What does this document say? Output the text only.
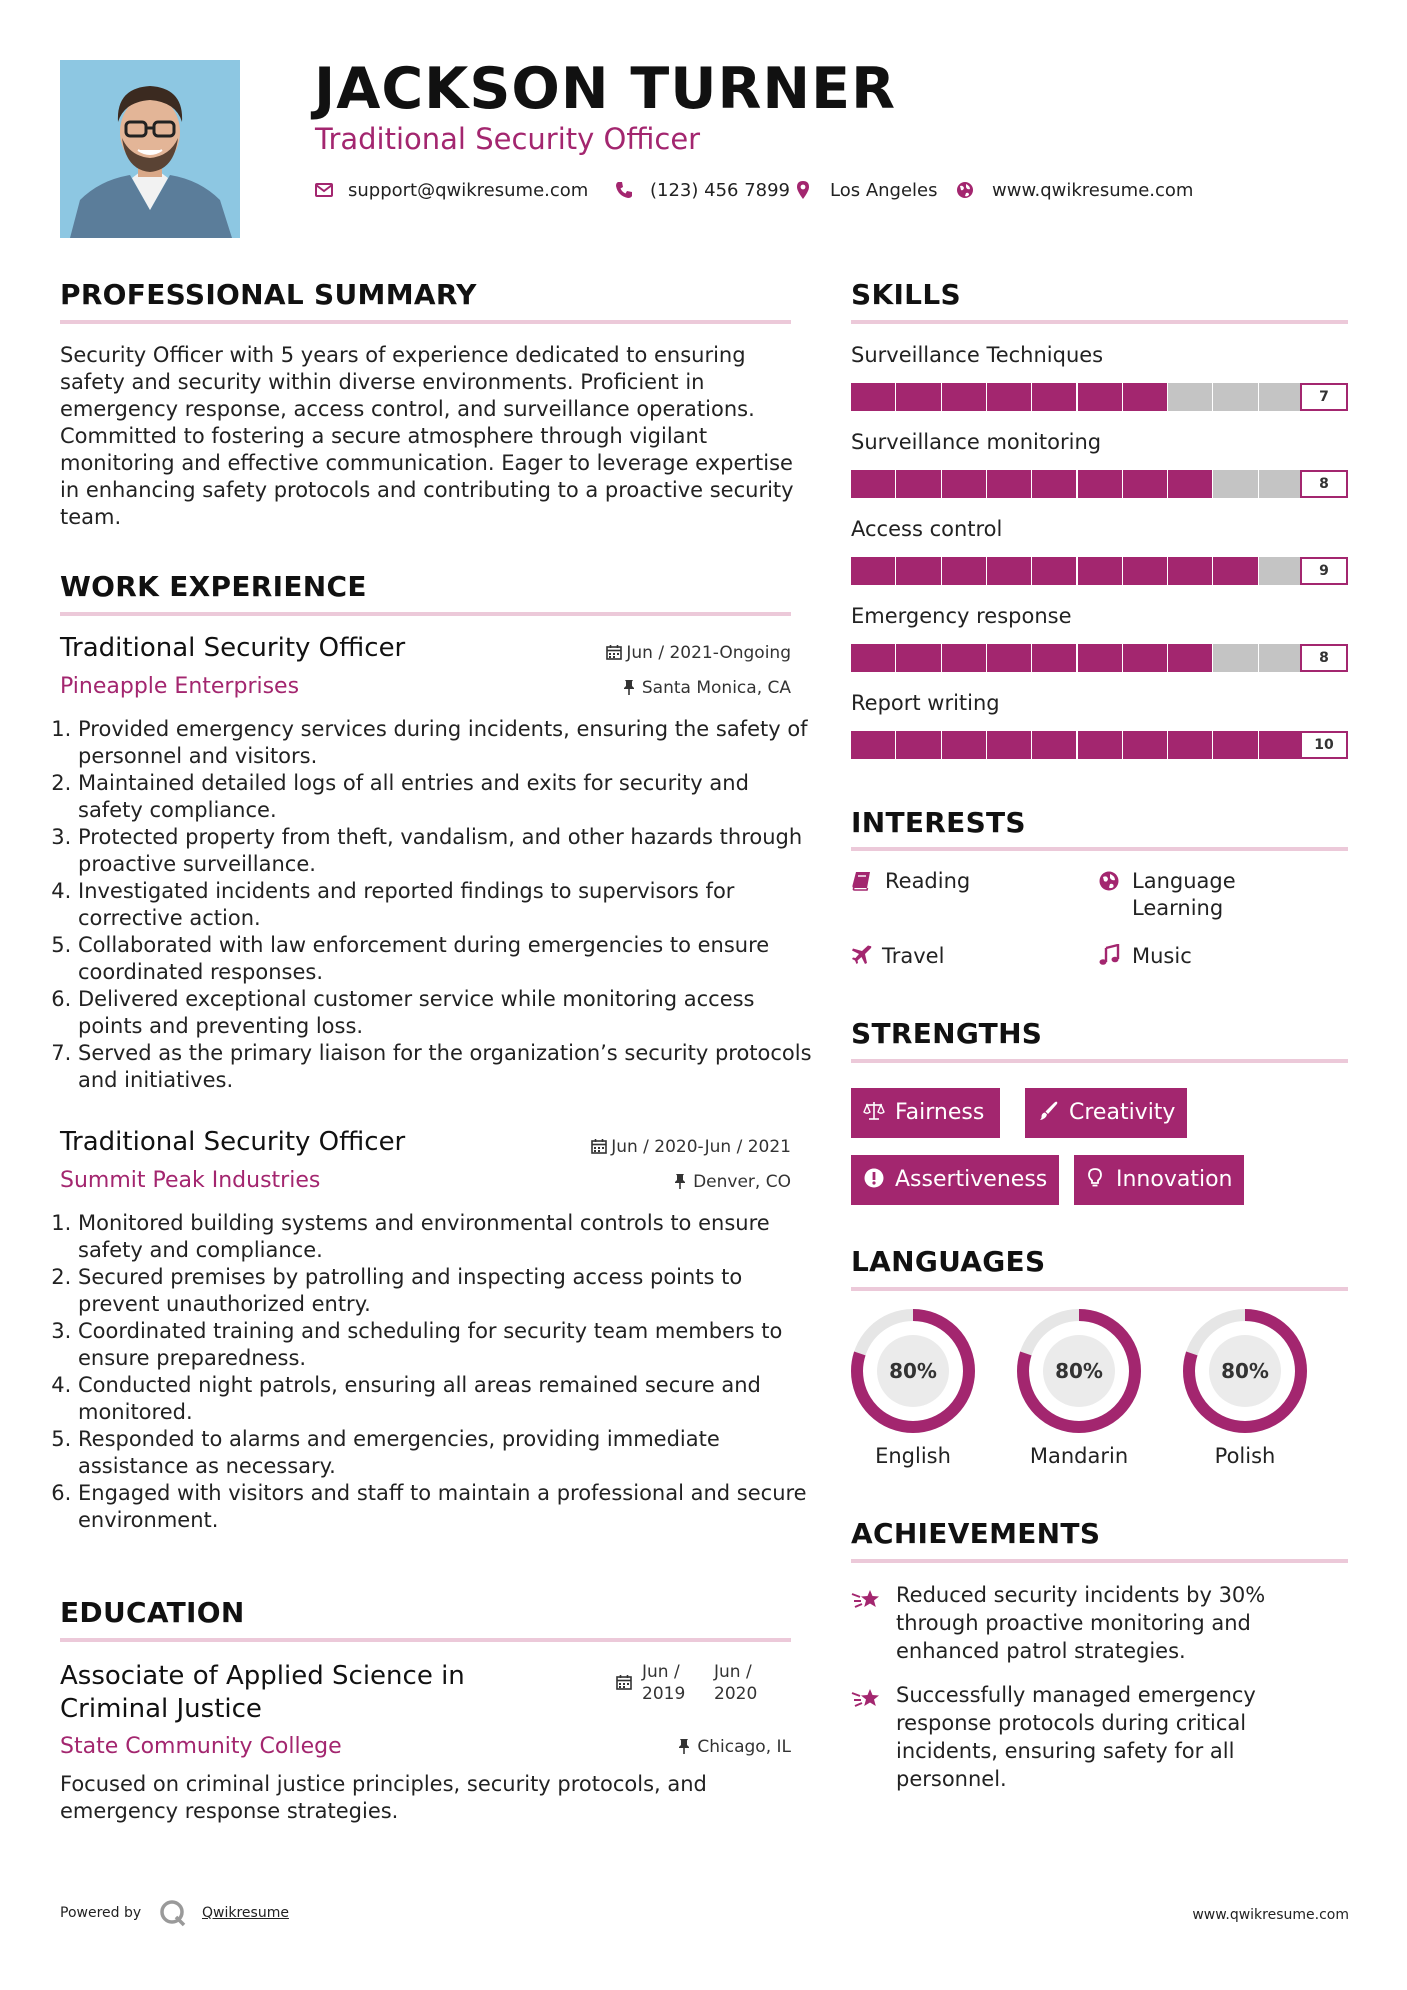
JACKSON TURNER
Traditional Security Officer
support@qwikresume.com	(123) 456 7899 Los Angeles	www.qwikresume.com
PROFESSIONAL SUMMARY
Security Officer with 5 years of experience dedicated to ensuring safety and security within diverse environments. Proficient in emergency response, access control, and surveillance operations. Committed to fostering a secure atmosphere through vigilant monitoring and effective communication. Eager to leverage expertise in enhancing safety protocols and contributing to a proactive security team.
WORK EXPERIENCE
Traditional Security Officer	Jun / 2021-Ongoing
Pineapple Enterprises	Santa Monica, CA
1. Provided emergency services during incidents, ensuring the safety of personnel and visitors.
2. Maintained detailed logs of all entries and exits for security and safety compliance.
3. Protected property from theft, vandalism, and other hazards through proactive surveillance.
4. Investigated incidents and reported findings to supervisors for corrective action.
5. Collaborated with law enforcement during emergencies to ensure coordinated responses.
6. Delivered exceptional customer service while monitoring access points and preventing loss.
7. Served as the primary liaison for the organization’s security protocols and initiatives.
Traditional Security Officer	Jun / 2020-Jun / 2021
Summit Peak Industries	Denver, CO
1. Monitored building systems and environmental controls to ensure safety and compliance.
2. Secured premises by patrolling and inspecting access points to prevent unauthorized entry.
3. Coordinated training and scheduling for security team members to ensure preparedness.
4. Conducted night patrols, ensuring all areas remained secure and monitored.
5. Responded to alarms and emergencies, providing immediate assistance as necessary.
6. Engaged with visitors and staff to maintain a professional and secure environment.
EDUCATION
Associate of Applied Science in Criminal Justice
Jun / 2019
Jun / 2020
State Community College	Chicago, IL
Focused on criminal justice principles, security protocols, and emergency response strategies.
SKILLS
Surveillance Techniques
7
Surveillance monitoring
8
Access control
9
Emergency response
8
Report writing
10
INTERESTS
Reading	Language Learning
Travel	Music
STRENGTHS
Fairness	Creativity
Assertiveness	Innovation
LANGUAGES
80%	80%	80%
English	Mandarin	Polish
ACHIEVEMENTS
Reduced security incidents by 30% through proactive monitoring and enhanced patrol strategies.
Successfully managed emergency response protocols during critical incidents, ensuring safety for all personnel.
Powered by	Qwikresume	www.qwikresume.com
